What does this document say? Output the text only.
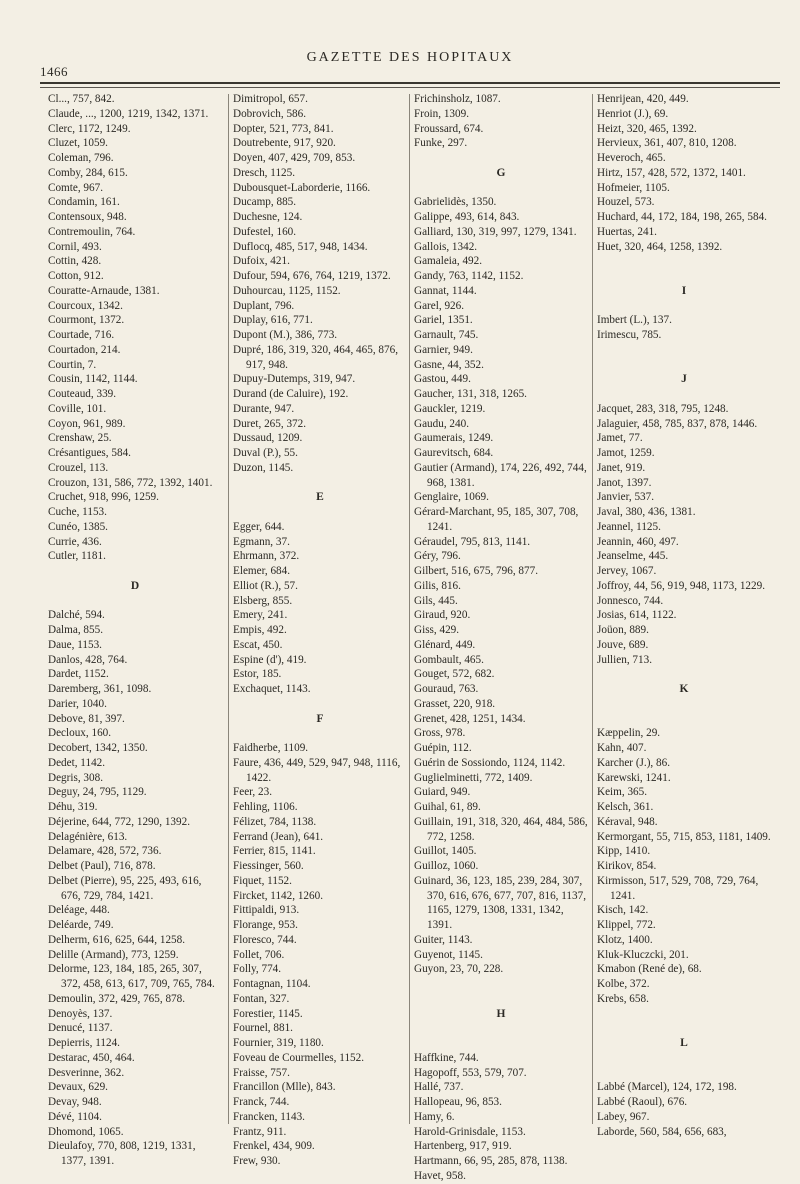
1466
GAZETTE DES HOPITAUX
Cl..., 757, 842.
Claude, ..., 1200, 1219, 1342, 1371.
Clerc, 1172, 1249.
Cluzet, 1059.
Coleman, 796.
Comby, 284, 615.
Comte, 967.
Condamin, 161.
Contensoux, 948.
Contremoulin, 764.
Cornil, 493.
Cottin, 428.
Cotton, 912.
Couratte-Arnaude, 1381.
Courcoux, 1342.
Courmont, 1372.
Courtade, 716.
Courtadon, 214.
Courtin, 7.
Cousin, 1142, 1144.
Couteaud, 339.
Coville, 101.
Coyon, 961, 989.
Crenshaw, 25.
Crésantigues, 584.
Crouzel, 113.
Crouzon, 131, 586, 772, 1392, 1401.
Cruchet, 918, 996, 1259.
Cuche, 1153.
Cunéo, 1385.
Currie, 436.
Cutler, 1181.
D
Dalché, 594.
Dalma, 855.
Daue, 1153.
Danlos, 428, 764.
Dardet, 1152.
Daremberg, 361, 1098.
Darier, 1040.
Debove, 81, 397.
Decloux, 160.
Decobert, 1342, 1350.
Dedet, 1142.
Degris, 308.
Deguy, 24, 795, 1129.
Déhu, 319.
Déjerine, 644, 772, 1290, 1392.
Delagénière, 613.
Delamare, 428, 572, 736.
Delbet (Paul), 716, 878.
Delbet (Pierre), 95, 225, 493, 616, 676, 729, 784, 1421.
Deléage, 448.
Deléarde, 749.
Delherm, 616, 625, 644, 1258.
Delille (Armand), 773, 1259.
Delorme, 123, 184, 185, 265, 307, 372, 458, 613, 617, 709, 765, 784.
Demoulin, 372, 429, 765, 878.
Denoyès, 137.
Denucé, 1137.
Depierris, 1124.
Destarac, 450, 464.
Desverinne, 362.
Devaux, 629.
Devay, 948.
Dévé, 1104.
Dhomond, 1065.
Dieulafoy, 770, 808, 1219, 1331, 1377, 1391.
Dimitropol, 657.
Dobrovich, 586.
Dopter, 521, 773, 841.
Doutrebente, 917, 920.
Doyen, 407, 429, 709, 853.
Dresch, 1125.
Dubousquet-Laborderie, 1166.
Ducamp, 885.
Duchesne, 124.
Dufestel, 160.
Duflocq, 485, 517, 948, 1434.
Dufoix, 421.
Dufour, 594, 676, 764, 1219, 1372.
Duhourcau, 1125, 1152.
Duplant, 796.
Duplay, 616, 771.
Dupont (M.), 386, 773.
Dupré, 186, 319, 320, 464, 465, 876, 917, 948.
Dupuy-Dutemps, 319, 947.
Durand (de Caluire), 192.
Durante, 947.
Duret, 265, 372.
Dussaud, 1209.
Duval (P.), 55.
Duzon, 1145.
E
Egger, 644.
Egmann, 37.
Ehrmann, 372.
Elemer, 684.
Elliot (R.), 57.
Elsberg, 855.
Emery, 241.
Empis, 492.
Escat, 450.
Espine (d'), 419.
Estor, 185.
Exchaquet, 1143.
F
Faidherbe, 1109.
Faure, 436, 449, 529, 947, 948, 1116, 1422.
Feer, 23.
Fehling, 1106.
Félizet, 784, 1138.
Ferrand (Jean), 641.
Ferrier, 815, 1141.
Fiessinger, 560.
Fiquet, 1152.
Fircket, 1142, 1260.
Fittipaldi, 913.
Florange, 953.
Floresco, 744.
Follet, 706.
Folly, 774.
Fontagnan, 1104.
Fontan, 327.
Forestier, 1145.
Fournel, 881.
Fournier, 319, 1180.
Foveau de Courmelles, 1152.
Fraisse, 757.
Francillon (Mlle), 843.
Franck, 744.
Francken, 1143.
Frantz, 911.
Frenkel, 434, 909.
Frew, 930.
Frichinsholz, 1087.
Froin, 1309.
Froussard, 674.
Funke, 297.
G
Gabrielidès, 1350.
Galippe, 493, 614, 843.
Galliard, 130, 319, 997, 1279, 1341.
Gallois, 1342.
Gamaleia, 492.
Gandy, 763, 1142, 1152.
Gannat, 1144.
Garel, 926.
Gariel, 1351.
Garnault, 745.
Garnier, 949.
Gasne, 44, 352.
Gastou, 449.
Gaucher, 131, 318, 1265.
Gauckler, 1219.
Gaudu, 240.
Gaumerais, 1249.
Gaurevitsch, 684.
Gautier (Armand), 174, 226, 492, 744, 968, 1381.
Genglaire, 1069.
Gérard-Marchant, 95, 185, 307, 708, 1241.
Géraudel, 795, 813, 1141.
Géry, 796.
Gilbert, 516, 675, 796, 877.
Gilis, 816.
Gils, 445.
Giraud, 920.
Giss, 429.
Glénard, 449.
Gombault, 465.
Gouget, 572, 682.
Gouraud, 763.
Grasset, 220, 918.
Grenet, 428, 1251, 1434.
Gross, 978.
Guépin, 112.
Guérin de Sossiondo, 1124, 1142.
Guglielminetti, 772, 1409.
Guiard, 949.
Guihal, 61, 89.
Guillain, 191, 318, 320, 464, 484, 586, 772, 1258.
Guillot, 1405.
Guilloz, 1060.
Guinard, 36, 123, 185, 239, 284, 307, 370, 616, 676, 677, 707, 816, 1137, 1165, 1279, 1308, 1331, 1342, 1391.
Guiter, 1143.
Guyenot, 1145.
Guyon, 23, 70, 228.
H
Haffkine, 744.
Hagopoff, 553, 579, 707.
Hallé, 737.
Hallopeau, 96, 853.
Hamy, 6.
Harold-Grinisdale, 1153.
Hartenberg, 917, 919.
Hartmann, 66, 95, 285, 878, 1138.
Havet, 958.
Henrijean, 420, 449.
Henriot (J.), 69.
Heizt, 320, 465, 1392.
Hervieux, 361, 407, 810, 1208.
Heveroch, 465.
Hirtz, 157, 428, 572, 1372, 1401.
Hofmeier, 1105.
Houzel, 573.
Huchard, 44, 172, 184, 198, 265, 584.
Huertas, 241.
Huet, 320, 464, 1258, 1392.
I
Imbert (L.), 137.
Irimescu, 785.
J
Jacquet, 283, 318, 795, 1248.
Jalaguier, 458, 785, 837, 878, 1446.
Jamet, 77.
Jamot, 1259.
Janet, 919.
Janot, 1397.
Janvier, 537.
Javal, 380, 436, 1381.
Jeannel, 1125.
Jeannin, 460, 497.
Jeanselme, 445.
Jervey, 1067.
Joffroy, 44, 56, 919, 948, 1173, 1229.
Jonnesco, 744.
Josias, 614, 1122.
Joüon, 889.
Jouve, 689.
Jullien, 713.
K
Kæppelin, 29.
Kahn, 407.
Karcher (J.), 86.
Karewski, 1241.
Keim, 365.
Kelsch, 361.
Kéraval, 948.
Kermorgant, 55, 715, 853, 1181, 1409.
Kipp, 1410.
Kirikov, 854.
Kirmisson, 517, 529, 708, 729, 764, 1241.
Kisch, 142.
Klippel, 772.
Klotz, 1400.
Kluk-Kluczcki, 201.
Kmabon (René de), 68.
Kolbe, 372.
Krebs, 658.
L
Labbé (Marcel), 124, 172, 198.
Labbé (Raoul), 676.
Labey, 967.
Laborde, 560, 584, 656, 683,
